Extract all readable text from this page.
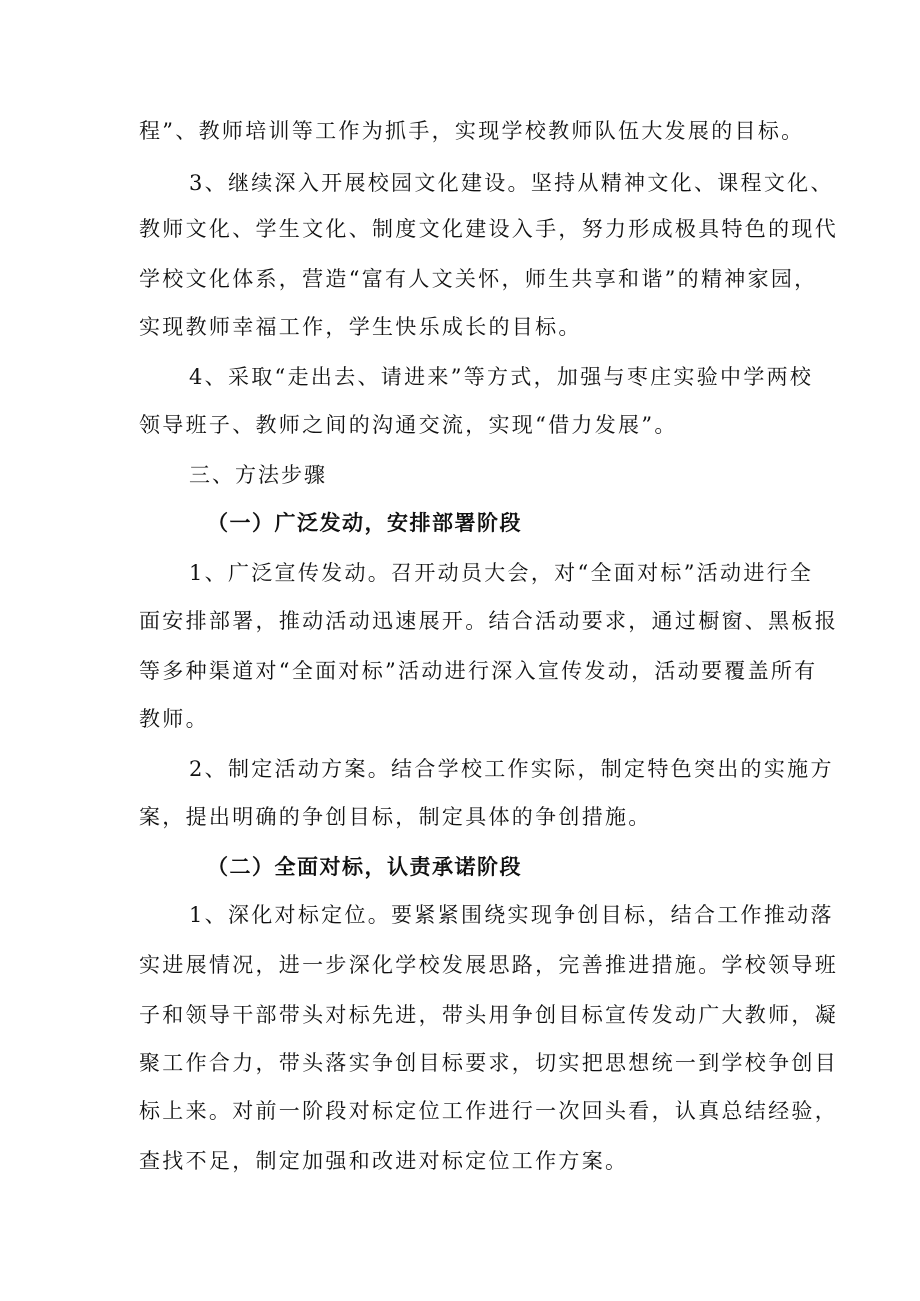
程”、教师培训等工作为抓手，实现学校教师队伍大发展的目标。
3、继续深入开展校园文化建设。坚持从精神文化、课程文化、
教师文化、学生文化、制度文化建设入手，努力形成极具特色的现代
学校文化体系，营造“富有人文关怀，师生共享和谐”的精神家园，
实现教师幸福工作，学生快乐成长的目标。
4、采取“走出去、请进来”等方式，加强与枣庄实验中学两校
领导班子、教师之间的沟通交流，实现“借力发展”。
三、方法步骤
（一）广泛发动，安排部署阶段
1、广泛宣传发动。召开动员大会，对“全面对标”活动进行全
面安排部署，推动活动迅速展开。结合活动要求，通过橱窗、黑板报
等多种渠道对“全面对标”活动进行深入宣传发动，活动要覆盖所有
教师。
2、制定活动方案。结合学校工作实际，制定特色突出的实施方
案，提出明确的争创目标，制定具体的争创措施。
（二）全面对标，认责承诺阶段
1、深化对标定位。要紧紧围绕实现争创目标，结合工作推动落
实进展情况，进一步深化学校发展思路，完善推进措施。学校领导班
子和领导干部带头对标先进，带头用争创目标宣传发动广大教师，凝
聚工作合力，带头落实争创目标要求，切实把思想统一到学校争创目
标上来。对前一阶段对标定位工作进行一次回头看，认真总结经验，
查找不足，制定加强和改进对标定位工作方案。
